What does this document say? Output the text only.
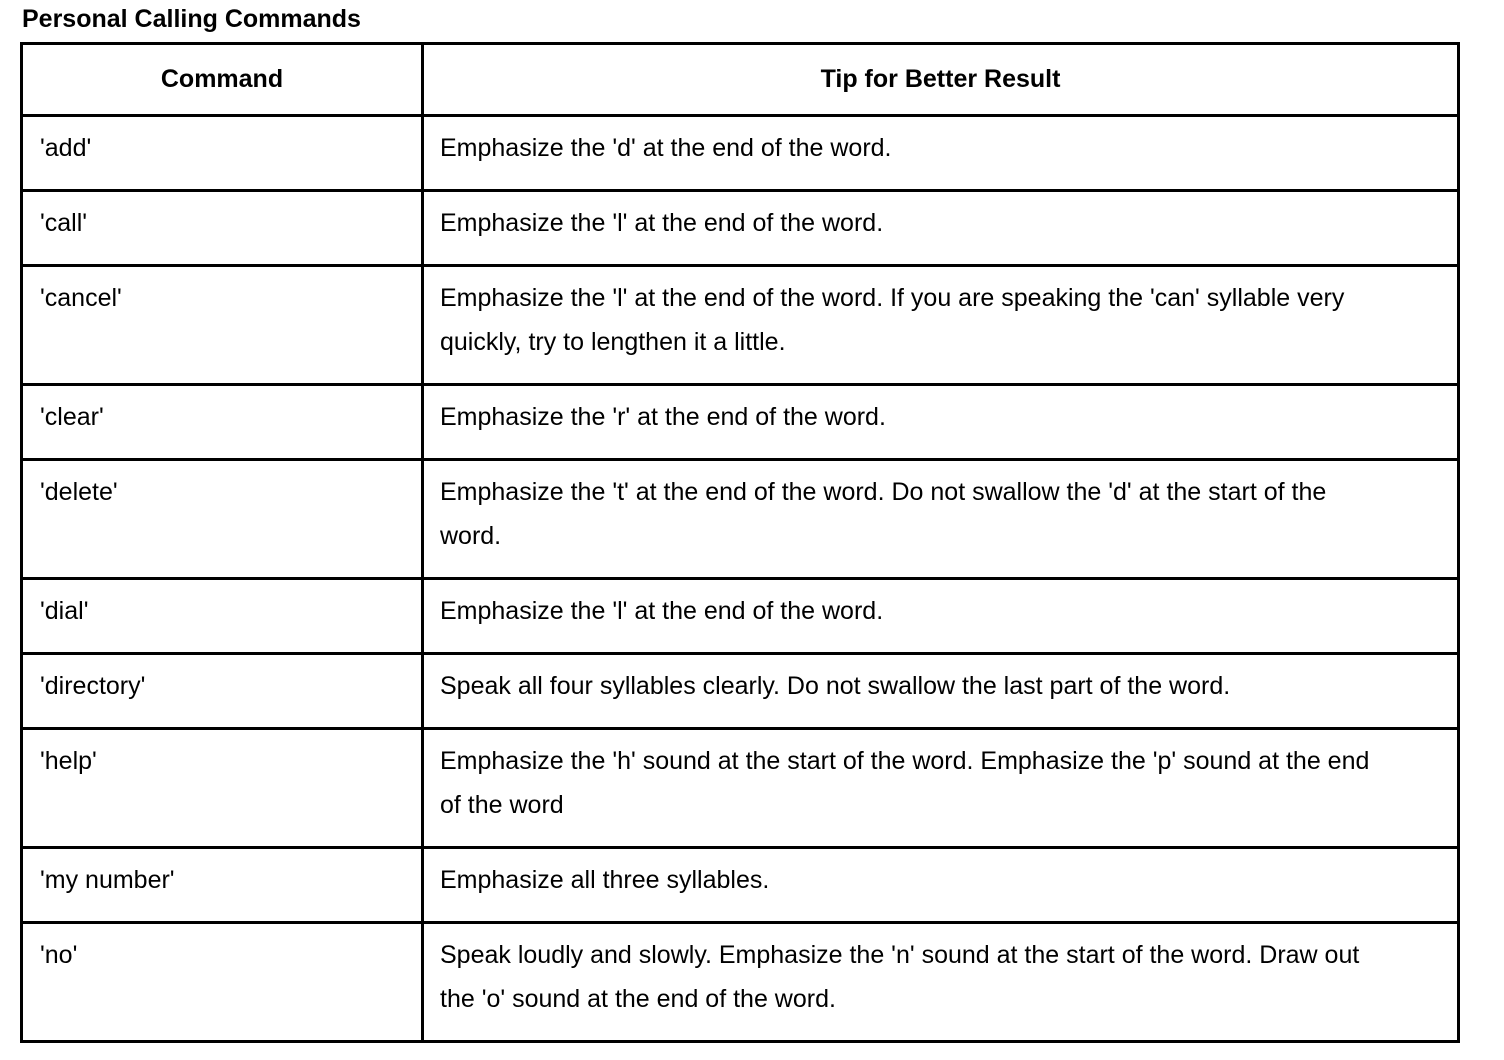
Personal Calling Commands
Command	Tip for Better Result

'add'	Emphasize the 'd' at the end of the word.

'call'	Emphasize the 'l' at the end of the word.

'cancel'	Emphasize the 'l' at the end of the word. If you are speaking the 'can' syllable very quickly, try to lengthen it a little.

'clear'	Emphasize the 'r' at the end of the word.

'delete'	Emphasize the 't' at the end of the word. Do not swallow the 'd' at the start of the word.

'dial'	Emphasize the 'l' at the end of the word.

'directory'	Speak all four syllables clearly. Do not swallow the last part of the word.

'help'	Emphasize the 'h' sound at the start of the word. Emphasize the 'p' sound at the end of the word

'my number'	Emphasize all three syllables.

'no'	Speak loudly and slowly. Emphasize the 'n' sound at the start of the word. Draw out the 'o' sound at the end of the word.
